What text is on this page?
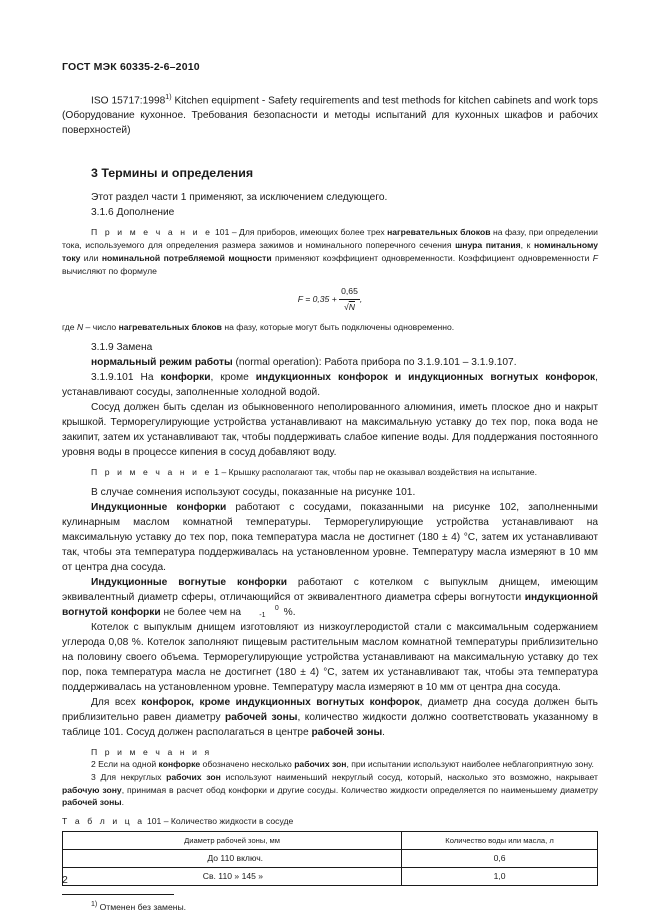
ГОСТ МЭК 60335-2-6–2010

ISO 15717:1998$^{1)}$ Kitchen equipment - Safety requirements and test methods for kitchen cabinets and work tops (Оборудование кухонное. Требования безопасности и методы испытаний для кухонных шкафов и рабочих поверхностей)

3 Термины и определения

Этот раздел части 1 применяют, за исключением следующего.

3.1.6 Дополнение

П р и м е ч а н и е 101 – Для приборов, имеющих более трех нагревательных блоков на фазу, при определении тока, используемого для определения размера зажимов и номинального поперечного сечения шнура питания, к номинальному току или номинальной потребляемой мощности применяют коэффициент одновременности. Коэффициент одновременности F вычисляют по формуле

$F = 0,35 + \frac{0,65}{√N}$ ,

где N – число нагревательных блоков на фазу, которые могут быть подключены одновременно.

3.1.9 Замена

нормальный режим работы (normal operation): Работа прибора по 3.1.9.101 – 3.1.9.107.

3.1.9.101 На конфорки, кроме индукционных конфорок и индукционных вогнутых конфорок, устанавливают сосуды, заполненные холодной водой.

Сосуд должен быть сделан из обыкновенного неполированного алюминия, иметь плоское дно и накрыт крышкой. Терморегулирующие устройства устанавливают на максимальную уставку до тех пор, пока вода не закипит, затем их устанавливают так, чтобы поддерживать слабое кипение воды. Для поддержания постоянного уровня воды в процессе кипения в сосуд добавляют воду.

П р и м е ч а н и е 1 – Крышку располагают так, чтобы пар не оказывал воздействия на испытание.

В случае сомнения используют сосуды, показанные на рисунке 101.

Индукционные конфорки работают с сосудами, показанными на рисунке 102, заполненными кулинарным маслом комнатной температуры. Терморегулирующие устройства устанавливают на максимальную уставку до тех пор, пока температура масла не достигнет (180 ± 4) °С, затем их устанавливают так, чтобы эта температура поддерживалась на установленном уровне. Температуру масла измеряют в 10 мм от центра дна сосуда.

Индукционные вогнутые конфорки работают с котелком с выпуклым днищем, имеющим эквивалентный диаметр сферы, отличающийся от эквивалентного диаметра сферы вогнутости индукционной вогнутой конфорки не более чем на	0
-1 %.

Котелок с выпуклым днищем изготовляют из низкоуглеродистой стали с максимальным содержанием углерода 0,08 %. Котелок заполняют пищевым растительным маслом комнатной температуры приблизительно на половину своего объема. Терморегулирующие устройства устанавливают на максимальную уставку до тех пор, пока температура масла не достигнет (180 ± 4) °С, затем их устанавливают так, чтобы эта температура поддерживалась на установленном уровне. Температуру масла измеряют в 10 мм от центра дна сосуда.

Для всех конфорок, кроме индукционных вогнутых конфорок, диаметр дна сосуда должен быть приблизительно равен диаметру рабочей зоны, количество жидкости должно соответствовать указанному в таблице 101. Сосуд должен располагаться в центре рабочей зоны.

П р и м е ч а н и я

2 Если на одной конфорке обозначено несколько рабочих зон, при испытании используют наиболее неблагоприятную зону.

3 Для некруглых рабочих зон используют наименьший некруглый сосуд, который, насколько это возможно, накрывает рабочую зону, принимая в расчет обод конфорки и другие сосуды. Количество жидкости определяется по наименьшему диаметру рабочей зоны.

Т а б л и ц а 101 – Количество жидкости в сосуде

Диаметр рабочей зоны, мм	Количество воды или масла, л
До 110 включ.	0,6
Св. 110 » 145 »	1,0

$^{1)}$ Отменен без замены.

2
